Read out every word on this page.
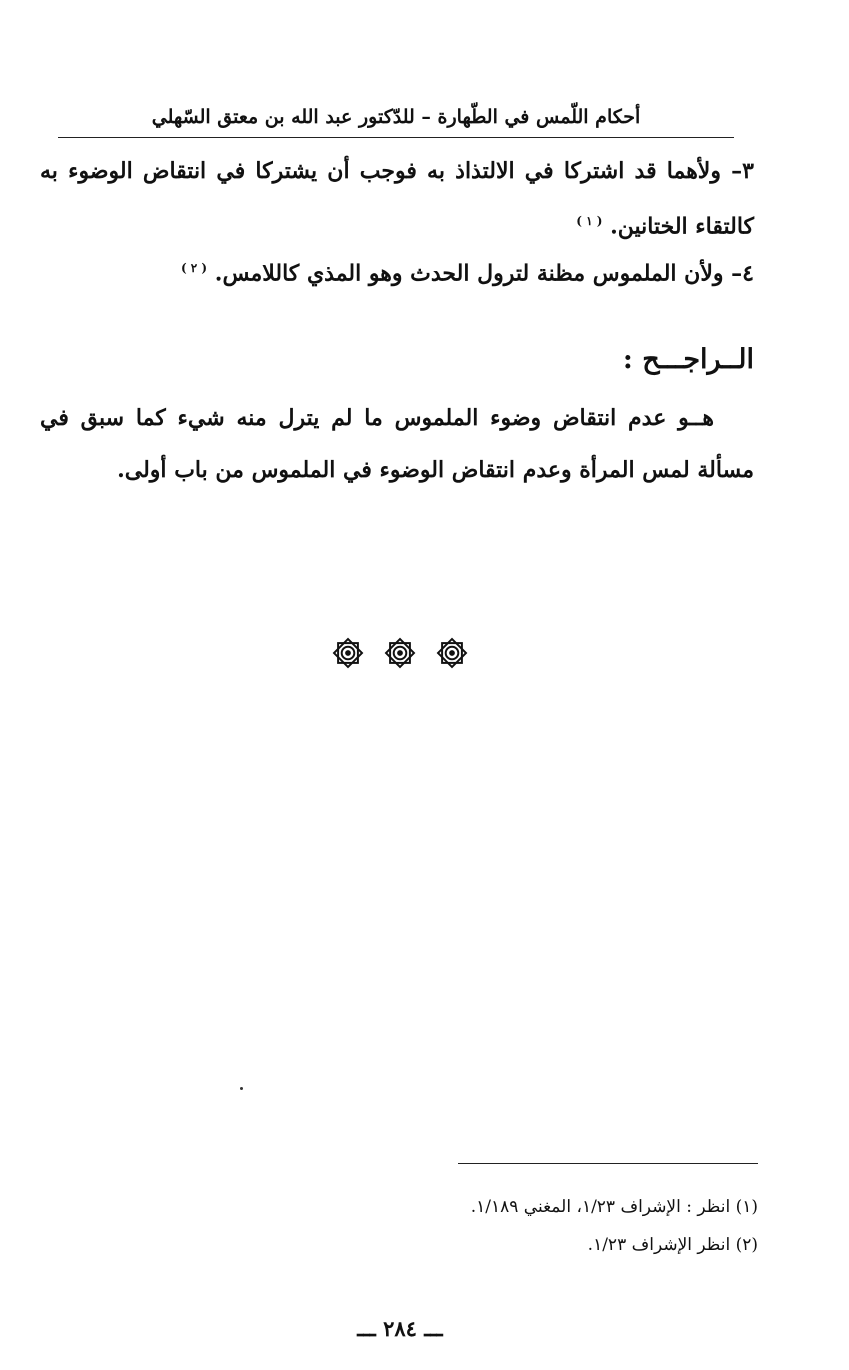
أحكام اللّمس في الطّهارة – للدّكتور عبد الله بن معتق السّهلي

٣– ولأهما قد اشتركا في الالتذاذ به فوجب أن يشتركا في انتقاض الوضوء به كالتقاء الختانين. $^{( ١ )}$

٤– ولأن الملموس مظنة لترول الحدث وهو المذي كاللامس. $^{( ٢ )}$

الــراجـــح :

هــو عدم انتقاض وضوء الملموس ما لم يترل منه شيء كما سبق في مسألة لمس المرأة وعدم انتقاض الوضوء في الملموس من باب أولى.

(١) انظر : الإشراف ١/٢٣، المغني ١/١٨٩.

(٢) انظر الإشراف ١/٢٣.

ـــ ٢٨٤ ـــ
